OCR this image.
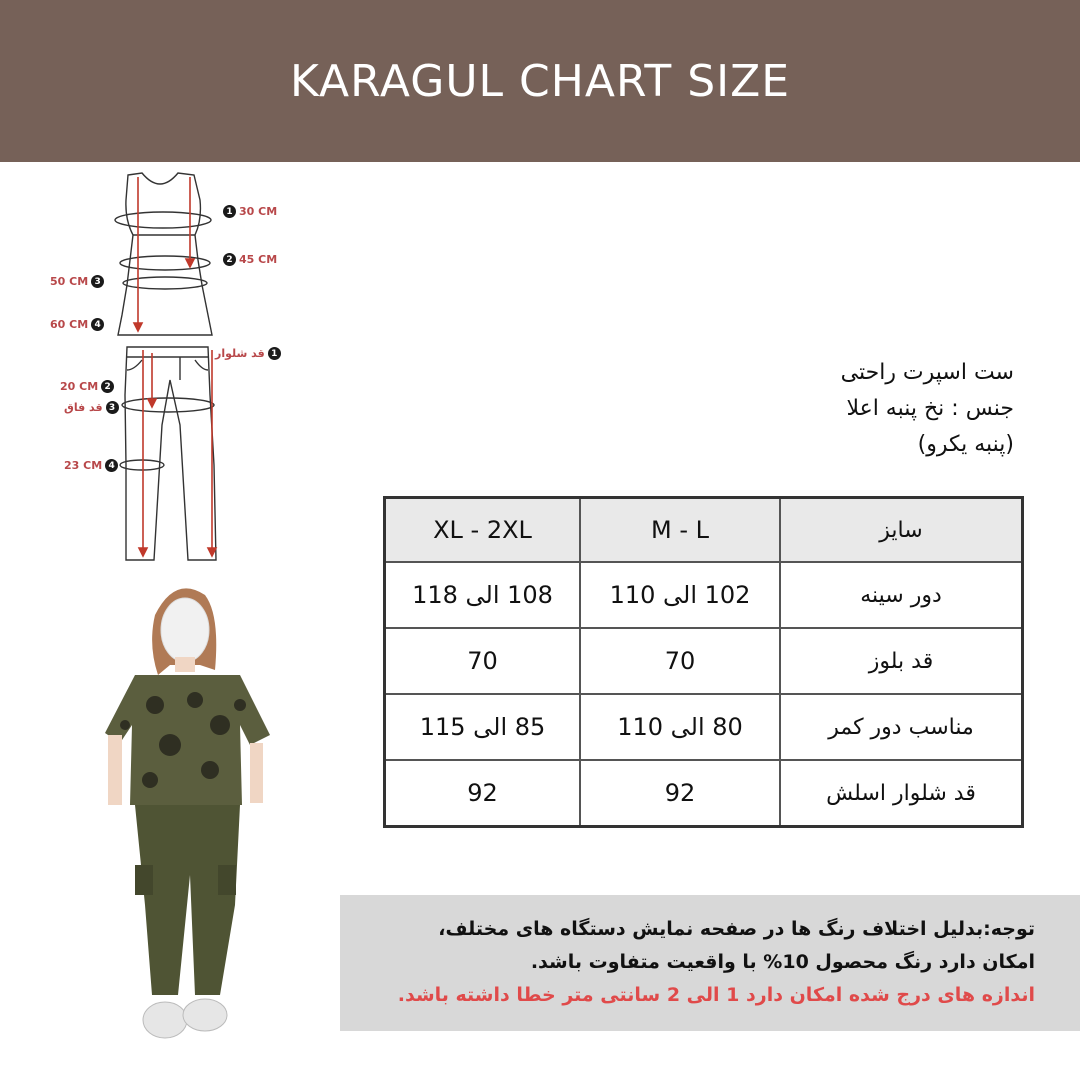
KARAGUL CHART SIZE
1 30 CM
2 45 CM
50 CM 3
60 CM 4
1
قد شلوار
20 CM 2
قد فاق 3
23 CM 4
ست اسپرت راحتی
جنس : نخ پنبه اعلا
(پنبه یکرو)
XL - 2XL	M - L	سایز
108 الی 118	102 الی 110	دور سینه
70	70	قد بلوز
85 الی 115	80 الی 110	مناسب دور کمر
92	92	قد شلوار اسلش
توجه:بدلیل اختلاف رنگ ها در صفحه نمایش دستگاه های مختلف،
امکان دارد رنگ محصول 10% با واقعیت متفاوت باشد.
اندازه های درج شده امکان دارد 1 الی 2 سانتی متر خطا داشته باشد.
